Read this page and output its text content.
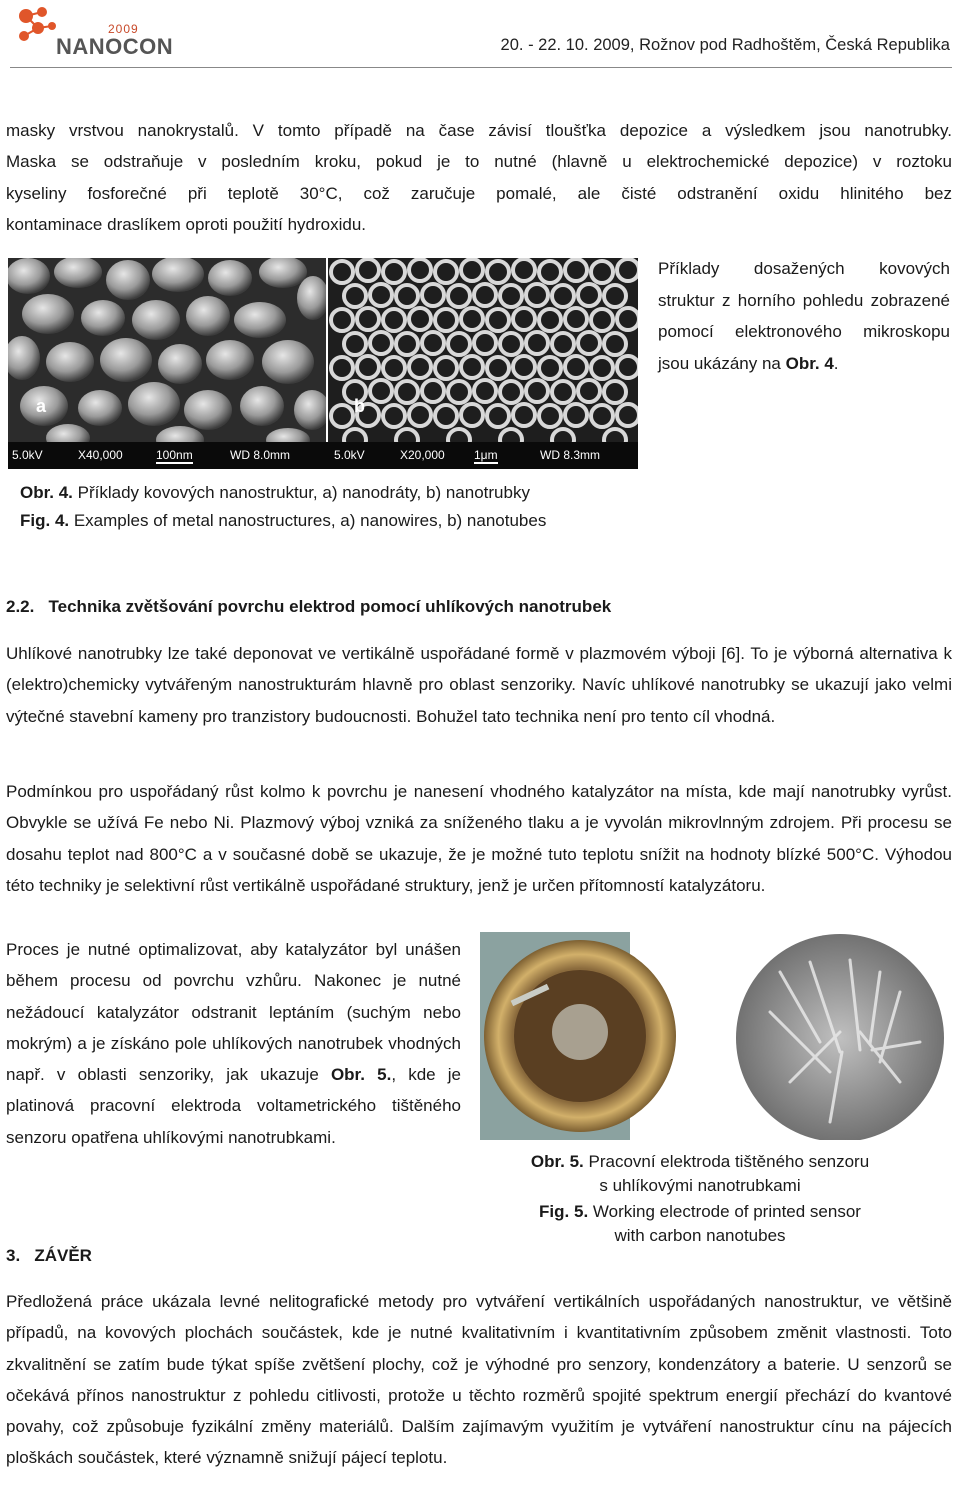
2009
NANOCON	20. - 22. 10. 2009, Rožnov pod Radhoštěm, Česká Republika
masky vrstvou nanokrystalů. V tomto případě na čase závisí tloušťka depozice a výsledkem jsou nanotrubky.
Maska se odstraňuje v posledním kroku, pokud je to nutné (hlavně u elektrochemické depozice) v roztoku
kyseliny fosforečné při teplotě 30°C, což zaručuje pomalé, ale čisté odstranění oxidu hlinitého bez
kontaminace draslíkem oproti použití hydroxidu.
a	b
5.0kV	X40,000	100nm	WD 8.0mm	5.0kV	X20,000 1μm	WD 8.3mm
Příklady dosažených kovových struktur z horního pohledu zobrazené pomocí elektronového mikroskopu jsou ukázány na Obr. 4.
Obr. 4. Příklady kovových nanostruktur, a) nanodráty, b) nanotrubky
Fig. 4. Examples of metal nanostructures, a) nanowires, b) nanotubes
2.2.   Technika zvětšování povrchu elektrod pomocí uhlíkových nanotrubek
Uhlíkové nanotrubky lze také deponovat ve vertikálně uspořádané formě v plazmovém výboji [6]. To je výborná alternativa k (elektro)chemicky vytvářeným nanostrukturám hlavně pro oblast senzoriky. Navíc uhlíkové nanotrubky se ukazují jako velmi výtečné stavební kameny pro tranzistory budoucnosti. Bohužel tato technika není pro tento cíl vhodná.
Podmínkou pro uspořádaný růst kolmo k povrchu je nanesení vhodného katalyzátor na místa, kde mají nanotrubky vyrůst. Obvykle se užívá Fe nebo Ni. Plazmový výboj vzniká za sníženého tlaku a je vyvolán mikrovlnným zdrojem. Při procesu se dosahu teplot nad 800°C a v současné době se ukazuje, že je možné tuto teplotu snížit na hodnoty blízké 500°C. Výhodou této techniky je selektivní růst vertikálně uspořádané struktury, jenž je určen přítomností katalyzátoru.
Proces je nutné optimalizovat, aby katalyzátor byl unášen během procesu od povrchu vzhůru. Nakonec je nutné nežádoucí katalyzátor odstranit leptáním (suchým nebo mokrým) a je získáno pole uhlíkových nanotrubek vhodných např. v oblasti senzoriky, jak ukazuje Obr. 5., kde je platinová pracovní elektroda voltametrického tištěného senzoru opatřena uhlíkovými nanotrubkami.
Obr. 5. Pracovní elektroda tištěného senzoru
s uhlíkovými nanotrubkami
Fig. 5. Working electrode of printed sensor
with carbon nanotubes
3.   ZÁVĚR
Předložená práce ukázala levné nelitografické metody pro vytváření vertikálních uspořádaných nanostruktur, ve většině případů, na kovových plochách součástek, kde je nutné kvalitativním i kvantitativním způsobem změnit vlastnosti. Toto zkvalitnění se zatím bude týkat spíše zvětšení plochy, což je výhodné pro senzory, kondenzátory a baterie. U senzorů se očekává přínos nanostruktur z pohledu citlivosti, protože u těchto rozměrů spojité spektrum energií přechází do kvantové povahy, což způsobuje fyzikální změny materiálů. Dalším zajímavým využitím je vytváření nanostruktur cínu na pájecích ploškách součástek, které významně snižují pájecí teplotu.
